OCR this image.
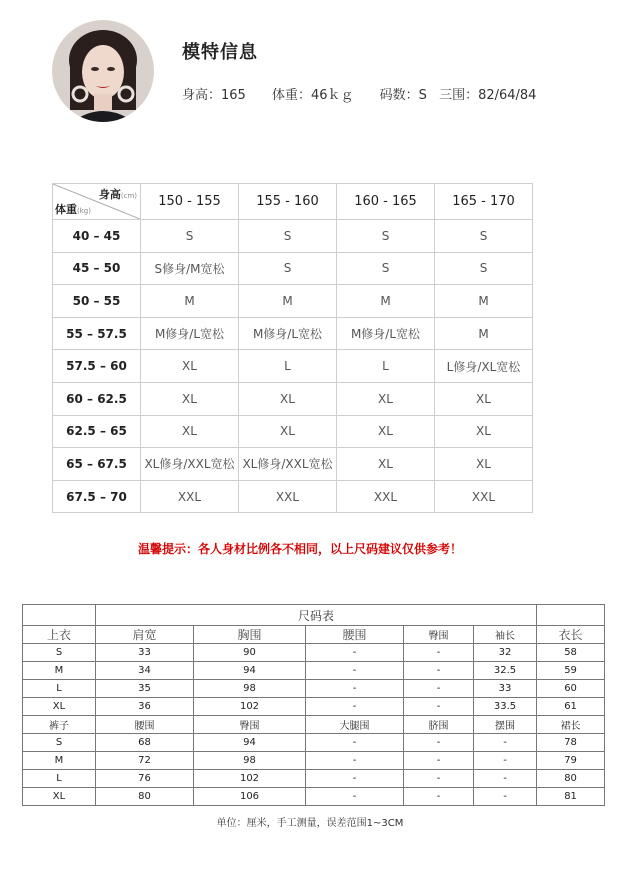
模特信息
身高：165 体重：46ｋｇ 码数：S 三围：82/64/84
身高(cm)
体重(kg)	150 - 155	155 - 160	160 - 165	165 - 170
40 – 45	S	S	S	S
45 – 50	S修身/M宽松	S	S	S
50 – 55	M	M	M	M
55 – 57.5	M修身/L宽松	M修身/L宽松	M修身/L宽松	M
57.5 – 60	XL	L	L	L修身/XL宽松
60 – 62.5	XL	XL	XL	XL
62.5 – 65	XL	XL	XL	XL
65 – 67.5	XL修身/XXL宽松	XL修身/XXL宽松	XL	XL
67.5 – 70	XXL	XXL	XXL	XXL
温馨提示：各人身材比例各不相同，以上尺码建议仅供参考！
	尺码表					
上衣	肩宽	胸围	腰围	臀围	袖长	衣长
S	33	90	-	-	32	58
M	34	94	-	-	32.5	59
L	35	98	-	-	33	60
XL	36	102	-	-	33.5	61
裤子	腰围	臀围	大腿围	脐围	摆围	裙长
S	68	94	-	-	-	78
M	72	98	-	-	-	79
L	76	102	-	-	-	80
XL	80	106	-	-	-	81
单位：厘米，手工测量，误差范围1~3CM
